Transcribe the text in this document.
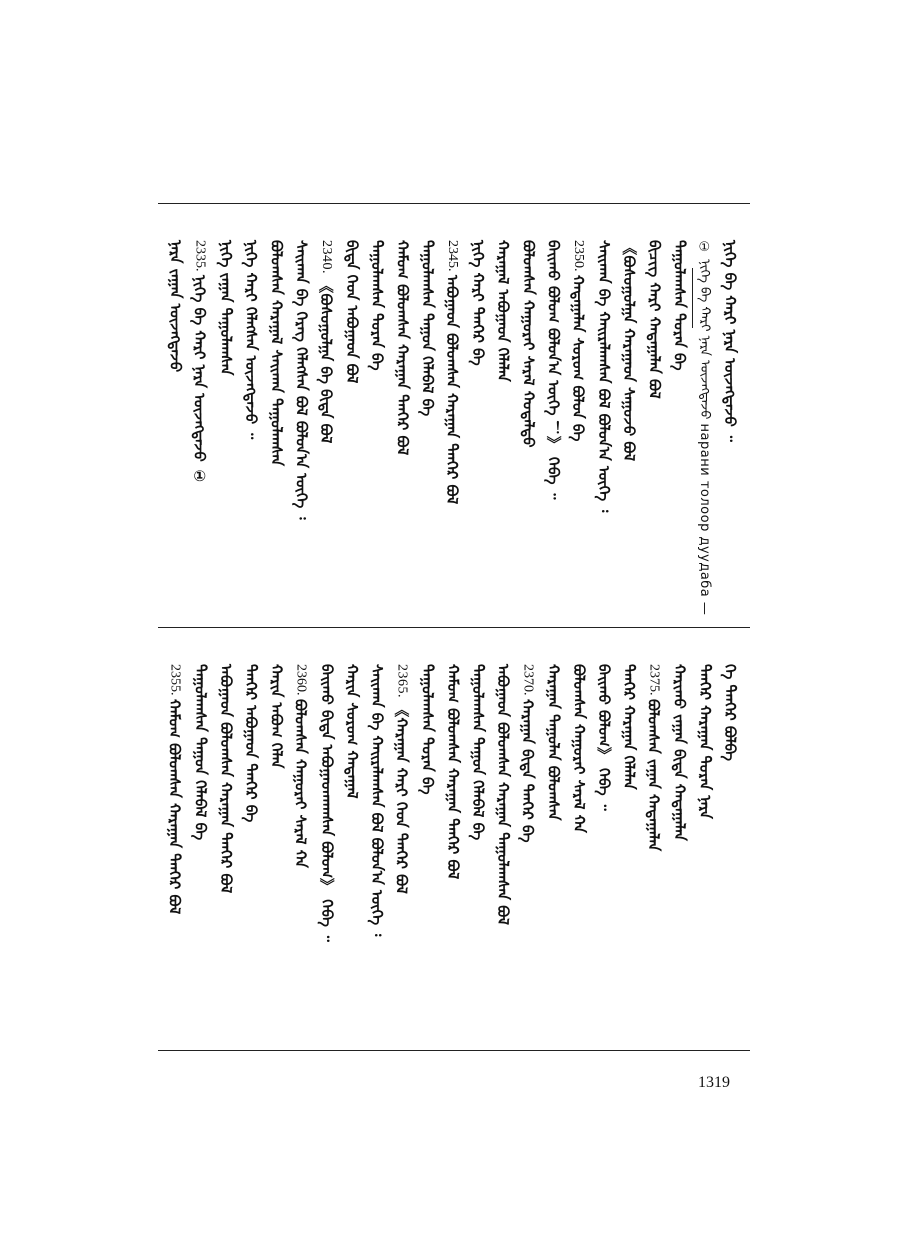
ᠨᠢᠭᠡ ᠪᠡ ᠬᠠᠷᠢ ᠨᠠᠷᠠ ᠦᠵᠡᠭᠳᠡᠵᠦ ᠃
① ᠨᠢᠭᠡ ᠪᠡ ᠬᠠᠷᠢ ᠨᠠᠷᠠ ᠦᠵᠡᠭᠳᠡᠵᠦ нарани толоор дуудаба —
ᠳᠠᠭᠤᠯᠠᠭᠰᠠᠨ ᠳᠤᠷᠠᠨ ᠪᠡ
ᠪᠢᠴᠢᠭ ᠬᠠᠷᠢ ᠬᠠᠳᠠᠭᠠᠯᠠᠨ ᠪᠣᠯ
《ᠪᠣᠰᠤᠭᠤᠯᠭᠠ ᠬᠠᠷᠠᠭᠠᠳ ᠰᠠᠭᠤᠵᠤ ᠪᠣᠯ
ᠰᠠᠢᠬᠠᠨ ᠪᠡ ᠬᠠᠢᠷᠠᠯᠠᠭᠰᠠᠨ ᠪᠣᠯ ᠪᠣᠯᠤᠨ᠎ᠠ ᠦᠭᠡ ᠄
2350. ᠬᠠᠳᠠᠭᠠᠯᠠᠨ ᠰᠤᠷᠤᠭ ᠪᠣᠯᠤᠨ ᠪᠡ
ᠪᠠᠢᠬᠤ ᠪᠤᠯᠤᠭ ᠪᠣᠯᠤᠨ᠎ᠠ ᠦᠭᠡ ！》 ᠭᠡᠪᠡ ᠃
ᠪᠣᠯᠤᠭᠰᠠᠨ ᠬᠠᠭᠤᠷᠠᠢ ᠰᠠᠷᠠᠯ ᠬᠤᠳᠠᠯᠳᠤ
ᠬᠠᠷᠠᠭᠠᠯ ᠠᠪᠤᠭᠠᠳ ᠬᠡᠯᠡᠯᠡᠨ
ᠨᠢᠭᠡ ᠬᠠᠷᠢ ᠲᠡᠨᠭᠡᠷ ᠪᠡ
2345. ᠠᠪᠤᠭᠠᠳ ᠪᠣᠯᠤᠭᠰᠠᠨ ᠬᠠᠷᠠᠭᠠᠨ ᠲᠡᠨᠭᠡᠷ ᠪᠣᠯ
ᠳᠠᠭᠤᠯᠠᠭᠰᠠᠨ ᠳᠠᠭᠤᠨ ᠬᠡᠯᠡᠪᠡᠯ ᠪᠡ
ᠬᠠᠮᠤᠭ ᠪᠣᠯᠤᠭᠰᠠᠨ ᠬᠠᠷᠠᠭᠠᠨ ᠲᠡᠨᠭᠡᠷ ᠪᠣᠯ
ᠳᠠᠭᠤᠯᠠᠭᠰᠠᠨ ᠳᠤᠷᠠᠨ ᠪᠡ
ᠪᠢᠳᠡ ᠬᠡᠳ ᠠᠪᠤᠭᠠᠳ ᠪᠣᠯ
2340. 《ᠪᠣᠰᠤᠭᠤᠯᠭᠠ ᠪᠡ ᠪᠢᠳᠡ ᠪᠣᠯ
ᠰᠠᠢᠬᠠᠨ ᠪᠡ ᠬᠡᠷᠡᠭ ᠬᠡᠯᠡᠭᠰᠡᠨ ᠪᠣᠯ ᠪᠣᠯᠤᠨ᠎ᠠ ᠦᠭᠡ ᠄
ᠪᠣᠯᠤᠭᠰᠠᠨ ᠬᠠᠷᠠᠭᠠᠯ ᠰᠠᠢᠬᠠᠨ ᠳᠠᠭᠤᠯᠠᠭᠰᠠᠨ
ᠨᠢᠭᠡ ᠬᠠᠷᠢ ᠬᠡᠯᠡᠭᠰᠡᠨ ᠦᠵᠡᠭᠳᠡᠵᠦ ᠃
ᠨᠢᠭᠡ ᠵᠠᠭᠠᠨ ᠳᠠᠭᠤᠯᠠᠭᠰᠠᠨ
2335. ᠨᠢᠭᠡ ᠪᠡ ᠬᠠᠷᠢ ᠨᠠᠷᠠ ᠦᠵᠡᠭᠳᠡᠵᠦ ①
ᠨᠠᠷᠠ ᠵᠠᠭᠠᠨ ᠦᠵᠡᠭᠳᠡᠵᠦ
ᠬᠡ ᠲᠡᠨᠭᠡᠷ ᠪᠣᠯᠪᠠ
ᠲᠡᠨᠭᠡᠷ ᠬᠠᠷᠠᠭᠠᠨ ᠳᠤᠷᠠᠨ ᠨᠠᠷᠠ
ᠬᠠᠷᠢᠬᠤ ᠵᠠᠭᠠᠨ ᠪᠢᠳᠡ ᠬᠠᠳᠠᠭᠠᠯᠠᠨ
2375. ᠪᠣᠯᠤᠭᠰᠠᠨ ᠵᠠᠭᠠᠨ ᠬᠠᠳᠠᠭᠠᠯᠠᠨ
ᠲᠡᠨᠭᠡᠷ ᠬᠠᠷᠠᠭᠠᠨ ᠬᠡᠯᠡᠯᠡᠨ
ᠪᠠᠢᠬᠤ ᠪᠤᠯᠤᠭ》 ᠭᠡᠪᠡ ᠃
ᠪᠣᠯᠤᠭᠰᠠᠨ ᠬᠠᠭᠤᠷᠠᠢ ᠰᠠᠷᠠᠯ ᠬᠠ
ᠬᠠᠷᠠᠭᠠᠨ ᠳᠠᠭᠤᠯᠠᠨ ᠪᠣᠯᠤᠭᠰᠠᠨ
2370. ᠬᠠᠷᠠᠭᠠᠨ ᠪᠢᠳᠡ ᠲᠡᠨᠭᠡᠷ ᠪᠡ
ᠠᠪᠤᠭᠠᠳ ᠪᠣᠯᠤᠭᠰᠠᠨ ᠬᠠᠷᠠᠭᠠᠨ ᠳᠠᠭᠤᠯᠠᠭᠰᠠᠨ ᠪᠣᠯ
ᠳᠠᠭᠤᠯᠠᠭᠰᠠᠨ ᠳᠠᠭᠤᠨ ᠬᠡᠯᠡᠪᠡᠯ ᠪᠡ
ᠬᠠᠮᠤᠭ ᠪᠣᠯᠤᠭᠰᠠᠨ ᠬᠠᠷᠠᠭᠠᠨ ᠲᠡᠨᠭᠡᠷ ᠪᠣᠯ
ᠳᠠᠭᠤᠯᠠᠭᠰᠠᠨ ᠳᠤᠷᠠᠨ ᠪᠡ
2365. 《ᠬᠠᠷᠠᠭᠠᠨ ᠬᠠᠷᠢ ᠬᠡᠳ ᠲᠡᠨᠭᠡᠷ ᠪᠣᠯ
ᠰᠠᠢᠬᠠᠨ ᠪᠡ ᠬᠠᠢᠷᠠᠯᠠᠭᠰᠠᠨ ᠪᠣᠯ ᠪᠣᠯᠤᠨ᠎ᠠ ᠦᠭᠡ ᠄
ᠬᠠᠷᠢᠨ ᠰᠤᠷᠤᠭ ᠬᠠᠳᠠᠭᠠᠯ
ᠪᠠᠢᠬᠤ ᠪᠢᠳᠡ ᠠᠪᠤᠭᠠᠳᠬᠠᠭᠰᠠᠨ ᠪᠤᠯᠤᠭ》 ᠭᠡᠪᠡ ᠃
2360. ᠪᠣᠯᠤᠭᠰᠠᠨ ᠬᠠᠭᠤᠷᠠᠢ ᠰᠠᠷᠠᠯ ᠬᠠ
ᠬᠠᠷᠢᠨ ᠠᠪᠤᠭ ᠬᠡᠯᠡᠨ
ᠲᠡᠨᠭᠡᠷ ᠠᠪᠤᠭᠠᠳ ᠲᠡᠨᠭᠡᠷ ᠪᠡ
ᠠᠪᠤᠭᠠᠳ ᠪᠣᠯᠤᠭᠰᠠᠨ ᠬᠠᠷᠠᠭᠠᠨ ᠲᠡᠨᠭᠡᠷ ᠪᠣᠯ
ᠳᠠᠭᠤᠯᠠᠭᠰᠠᠨ ᠳᠠᠭᠤᠨ ᠬᠡᠯᠡᠪᠡᠯ ᠪᠡ
2355. ᠬᠠᠮᠤᠭ ᠪᠣᠯᠤᠭᠰᠠᠨ ᠬᠠᠷᠠᠭᠠᠨ ᠲᠡᠨᠭᠡᠷ ᠪᠣᠯ
1319
